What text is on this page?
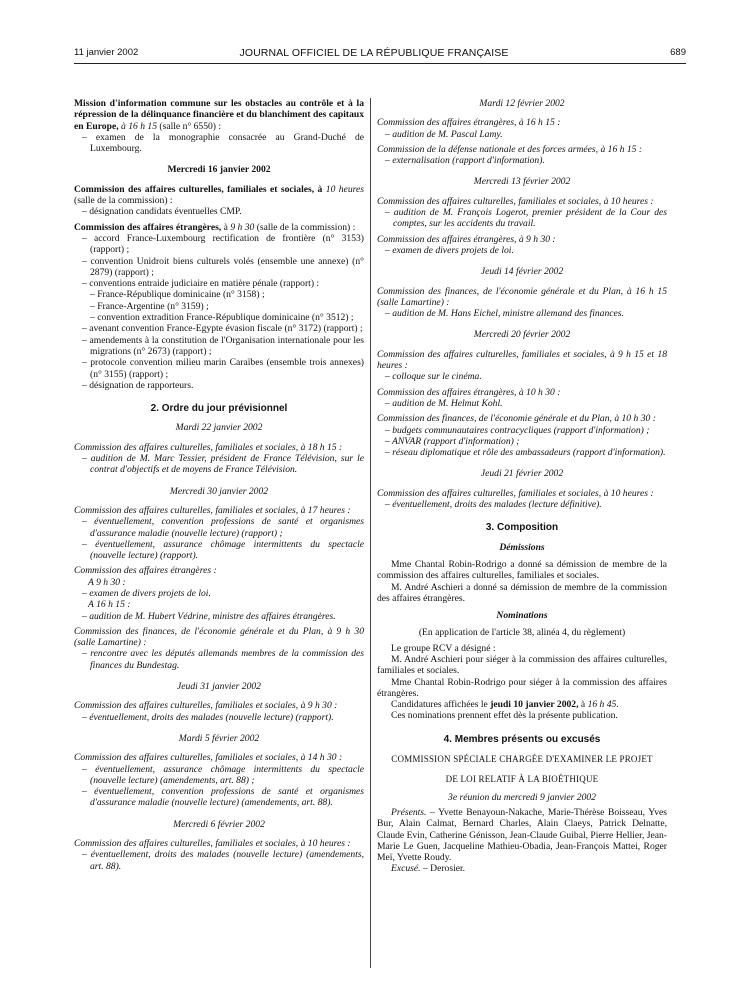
11 janvier 2002	JOURNAL OFFICIEL DE LA RÉPUBLIQUE FRANÇAISE	689

Mission d'information commune sur les obstacles au contrôle et à la répression de la délinquance financière et du blanchiment des capitaux en Europe, à 16 h 15 (salle n° 6550) :

– examen de la monographie consacrée au Grand-Duché de Luxembourg.

Mercredi 16 janvier 2002

Commission des affaires culturelles, familiales et sociales, à 10 heures (salle de la commission) :

– désignation candidats éventuelles CMP.

Commission des affaires étrangères, à 9 h 30 (salle de la commission) :

– accord France-Luxembourg rectification de frontière (n° 3153) (rapport) ;

– convention Unidroit biens culturels volés (ensemble une annexe) (n° 2879) (rapport) ;

– conventions entraide judiciaire en matière pénale (rapport) :

– France-République dominicaine (n° 3158) ;

– France-Argentine (n° 3159) ;

– convention extradition France-République dominicaine (n° 3512) ;

– avenant convention France-Egypte évasion fiscale (n° 3172) (rapport) ;

– amendements à la constitution de l'Organisation internationale pour les migrations (n° 2673) (rapport) ;

– protocole convention milieu marin Caraïbes (ensemble trois annexes) (n° 3155) (rapport) ;

– désignation de rapporteurs.

2. Ordre du jour prévisionnel

Mardi 22 janvier 2002

Commission des affaires culturelles, familiales et sociales, à 18 h 15 :

– audition de M. Marc Tessier, président de France Télévision, sur le contrat d'objectifs et de moyens de France Télévision.

Mercredi 30 janvier 2002

Commission des affaires culturelles, familiales et sociales, à 17 heures :

– éventuellement, convention professions de santé et organismes d'assurance maladie (nouvelle lecture) (rapport) ;

– éventuellement, assurance chômage intermittents du spectacle (nouvelle lecture) (rapport).

Commission des affaires étrangères :

A 9 h 30 :

– examen de divers projets de loi.

A 16 h 15 :

– audition de M. Hubert Védrine, ministre des affaires étrangères.

Commission des finances, de l'économie générale et du Plan, à 9 h 30 (salle Lamartine) :

– rencontre avec les députés allemands membres de la commission des finances du Bundestag.

Jeudi 31 janvier 2002

Commission des affaires culturelles, familiales et sociales, à 9 h 30 :

– éventuellement, droits des malades (nouvelle lecture) (rapport).

Mardi 5 février 2002

Commission des affaires culturelles, familiales et sociales, à 14 h 30 :

– éventuellement, assurance chômage intermittents du spectacle (nouvelle lecture) (amendements, art. 88) ;

– éventuellement, convention professions de santé et organismes d'assurance maladie (nouvelle lecture) (amendements, art. 88).

Mercredi 6 février 2002

Commission des affaires culturelles, familiales et sociales, à 10 heures :

– éventuellement, droits des malades (nouvelle lecture) (amendements, art. 88).

Mardi 12 février 2002

Commission des affaires étrangères, à 16 h 15 :

– audition de M. Pascal Lamy.

Commission de la défense nationale et des forces armées, à 16 h 15 :

– externalisation (rapport d'information).

Mercredi 13 février 2002

Commission des affaires culturelles, familiales et sociales, à 10 heures :

– audition de M. François Logerot, premier président de la Cour des comptes, sur les accidents du travail.

Commission des affaires étrangères, à 9 h 30 :

– examen de divers projets de loi.

Jeudi 14 février 2002

Commission des finances, de l'économie générale et du Plan, à 16 h 15 (salle Lamartine) :

– audition de M. Hans Eichel, ministre allemand des finances.

Mercredi 20 février 2002

Commission des affaires culturelles, familiales et sociales, à 9 h 15 et 18 heures :

– colloque sur le cinéma.

Commission des affaires étrangères, à 10 h 30 :

– audition de M. Helmut Kohl.

Commission des finances, de l'économie générale et du Plan, à 10 h 30 :

– budgets communautaires contracycliques (rapport d'information) ;

– ANVAR (rapport d'information) ;

– réseau diplomatique et rôle des ambassadeurs (rapport d'information).

Jeudi 21 février 2002

Commission des affaires culturelles, familiales et sociales, à 10 heures :

– éventuellement, droits des malades (lecture définitive).

3. Composition

Démissions

Mme Chantal Robin-Rodrigo a donné sa démission de membre de la commission des affaires culturelles, familiales et sociales.

M. André Aschieri a donné sa démission de membre de la commission des affaires étrangères.

Nominations

(En application de l'article 38, alinéa 4, du règlement)

Le groupe RCV a désigné :

M. André Aschieri pour siéger à la commission des affaires culturelles, familiales et sociales.

Mme Chantal Robin-Rodrigo pour siéger à la commission des affaires étrangères.

Candidatures affichées le jeudi 10 janvier 2002, à 16 h 45.

Ces nominations prennent effet dès la présente publication.

4. Membres présents ou excusés

COMMISSION SPÉCIALE CHARGÉE D'EXAMINER LE PROJET

DE LOI RELATIF À LA BIOÉTHIQUE

3e réunion du mercredi 9 janvier 2002

Présents. – Yvette Benayoun-Nakache, Marie-Thérèse Boisseau, Yves Bur, Alain Calmat, Bernard Charles, Alain Claeys, Patrick Delnatte, Claude Evin, Catherine Génisson, Jean-Claude Guibal, Pierre Hellier, Jean-Marie Le Guen, Jacqueline Mathieu-Obadia, Jean-François Mattei, Roger Meï, Yvette Roudy.

Excusé. – Derosier.
